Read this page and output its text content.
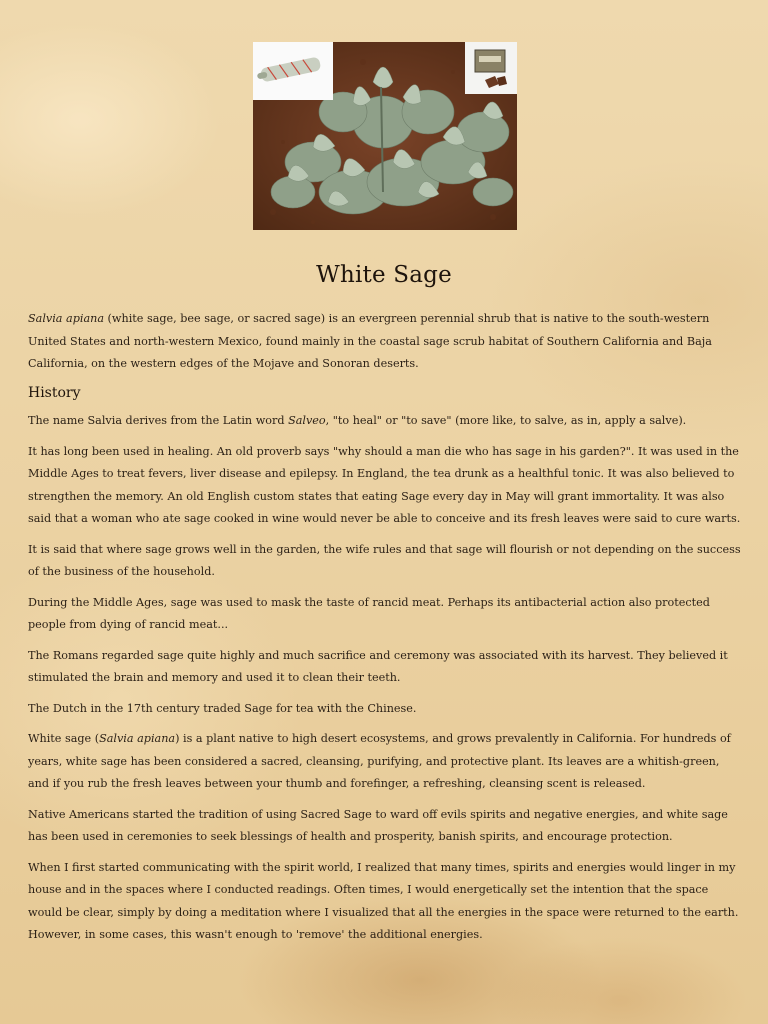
White Sage

Salvia apiana (white sage, bee sage, or sacred sage) is an evergreen perennial shrub that is native to the south-western United States and north-western Mexico, found mainly in the coastal sage scrub habitat of Southern California and Baja California, on the western edges of the Mojave and Sonoran deserts.

History

The name Salvia derives from the Latin word Salveo, "to heal" or "to save" (more like, to salve, as in, apply a salve).

It has long been used in healing. An old proverb says "why should a man die who has sage in his garden?". It was used in the Middle Ages to treat fevers, liver disease and epilepsy. In England, the tea drunk as a healthful tonic. It was also believed to strengthen the memory. An old English custom states that eating Sage every day in May will grant immortality. It was also said that a woman who ate sage cooked in wine would never be able to conceive and its fresh leaves were said to cure warts.

It is said that where sage grows well in the garden, the wife rules and that sage will flourish or not depending on the success of the business of the household.

During the Middle Ages, sage was used to mask the taste of rancid meat. Perhaps its antibacterial action also protected people from dying of rancid meat...

The Romans regarded sage quite highly and much sacrifice and ceremony was associated with its harvest. They believed it stimulated the brain and memory and used it to clean their teeth.

The Dutch in the 17th century traded Sage for tea with the Chinese.

White sage (Salvia apiana) is a plant native to high desert ecosystems, and grows prevalently in California. For hundreds of years, white sage has been considered a sacred, cleansing, purifying, and protective plant. Its leaves are a whitish-green, and if you rub the fresh leaves between your thumb and forefinger, a refreshing, cleansing scent is released.

Native Americans started the tradition of using Sacred Sage to ward off evils spirits and negative energies, and white sage has been used in ceremonies to seek blessings of health and prosperity, banish spirits, and encourage protection.

When I first started communicating with the spirit world, I realized that many times, spirits and energies would linger in my house and in the spaces where I conducted readings. Often times, I would energetically set the intention that the space would be clear, simply by doing a meditation where I visualized that all the energies in the space were returned to the earth. However, in some cases, this wasn't enough to 'remove' the additional energies.
